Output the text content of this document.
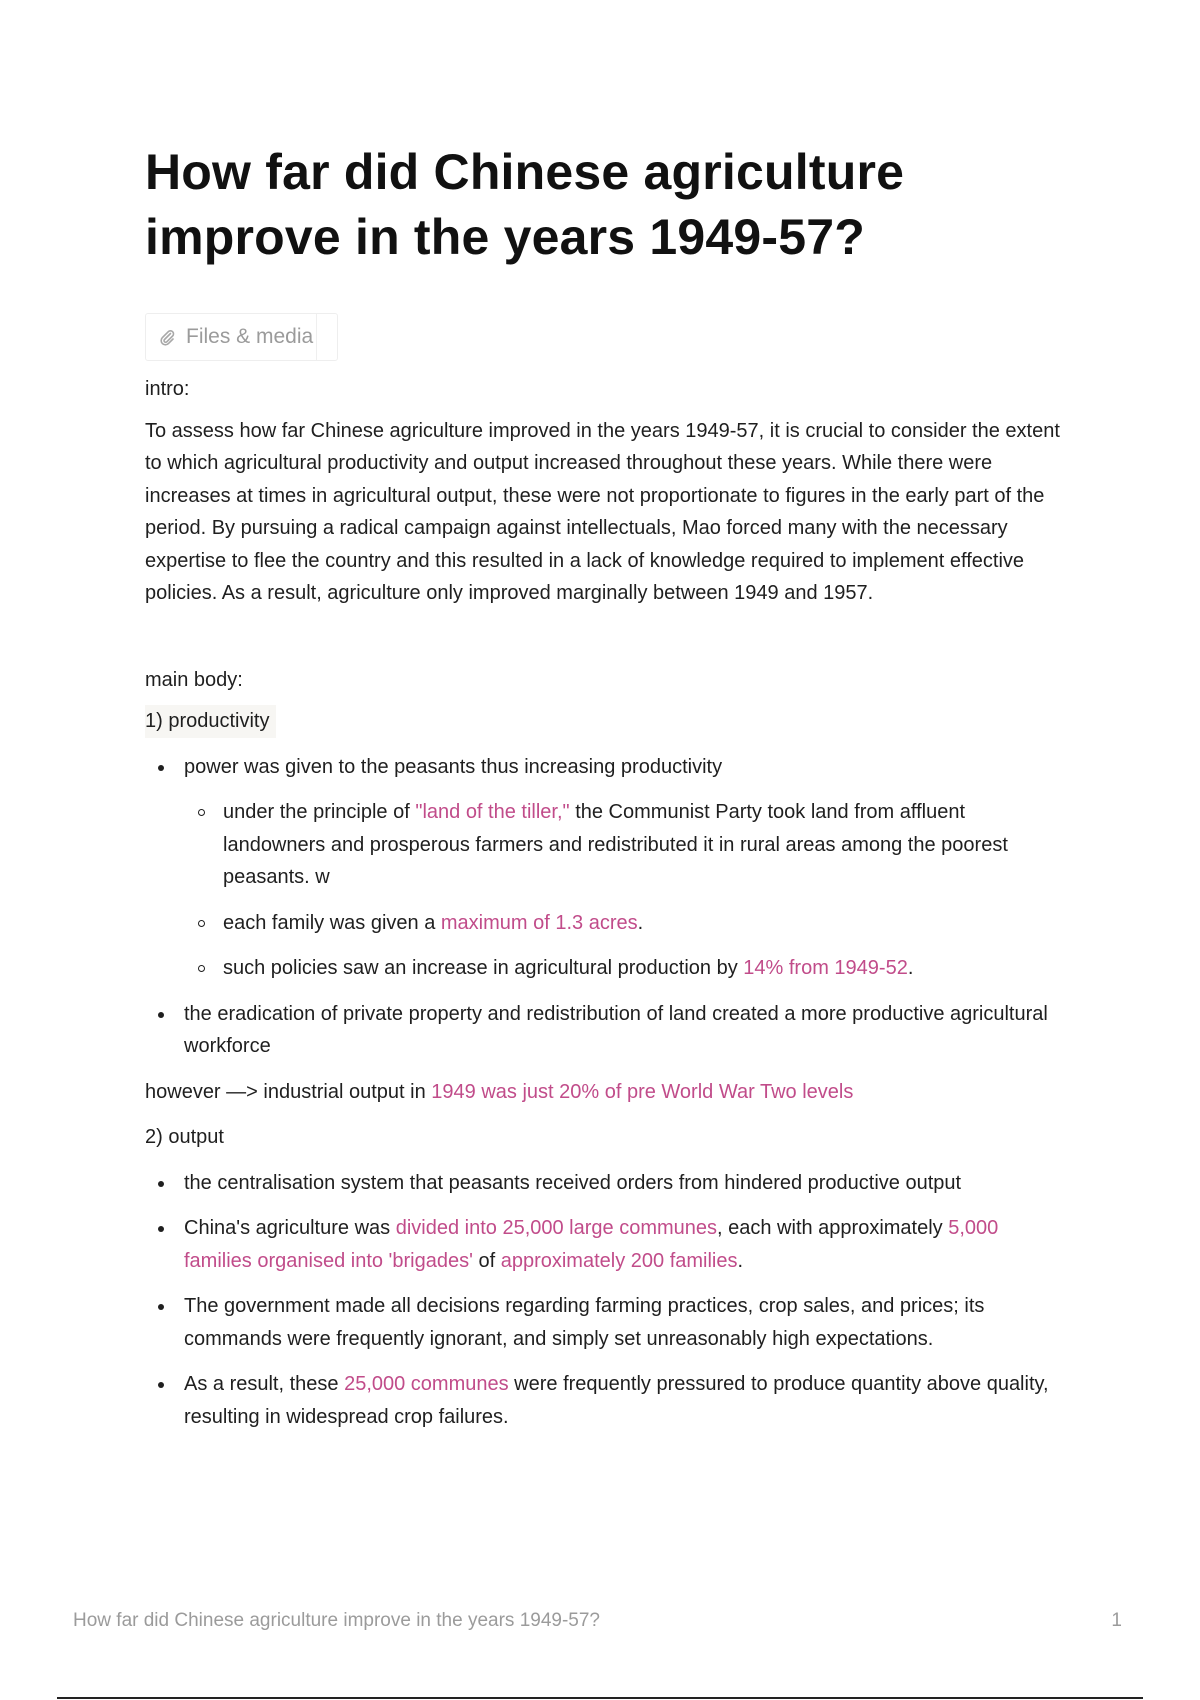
How far did Chinese agriculture improve in the years 1949-57?
Files & media

intro:

To assess how far Chinese agriculture improved in the years 1949-57, it is crucial to consider the extent to which agricultural productivity and output increased throughout these years. While there were increases at times in agricultural output, these were not proportionate to figures in the early part of the period. By pursuing a radical campaign against intellectuals, Mao forced many with the necessary expertise to flee the country and this resulted in a lack of knowledge required to implement effective policies. As a result, agriculture only improved marginally between 1949 and 1957.

main body:

1) productivity
power was given to the peasants thus increasing productivity
under the principle of "land of the tiller," the Communist Party took land from affluent landowners and prosperous farmers and redistributed it in rural areas among the poorest peasants. w
each family was given a maximum of 1.3 acres.
such policies saw an increase in agricultural production by 14% from 1949-52.
the eradication of private property and redistribution of land created a more productive agricultural workforce

however —> industrial output in 1949 was just 20% of pre World War Two levels

2) output

the centralisation system that peasants received orders from hindered productive output
China's agriculture was divided into 25,000 large communes, each with approximately 5,000 families organised into 'brigades' of approximately 200 families.
The government made all decisions regarding farming practices, crop sales, and prices; its commands were frequently ignorant, and simply set unreasonably high expectations.
As a result, these 25,000 communes were frequently pressured to produce quantity above quality, resulting in widespread crop failures.
How far did Chinese agriculture improve in the years 1949-57?	1
